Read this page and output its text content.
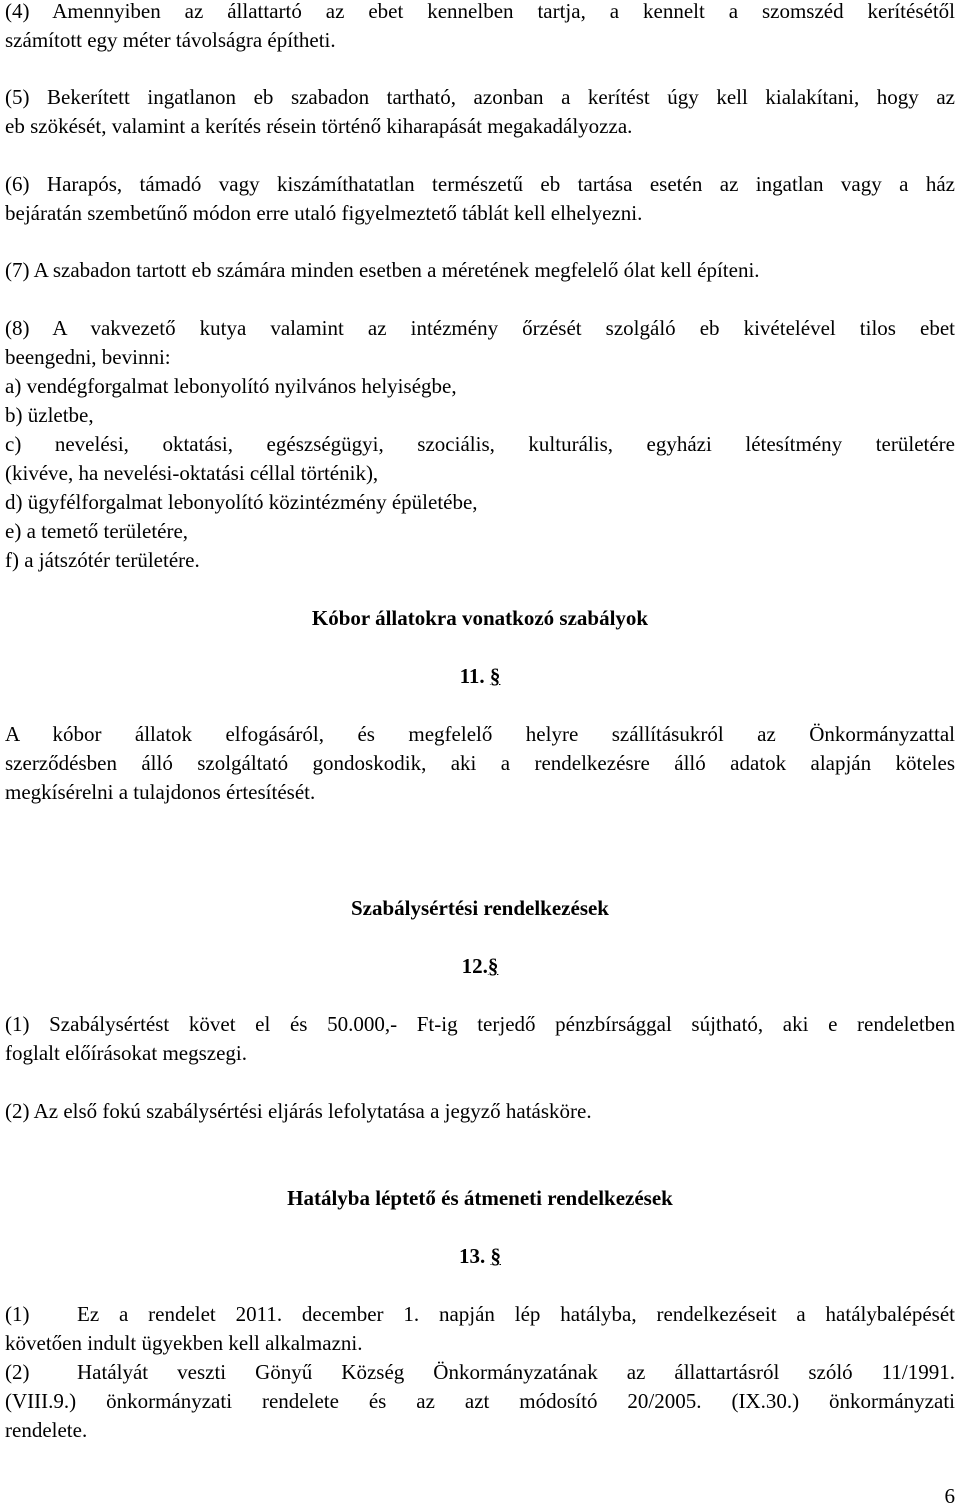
(4) Amennyiben az állattartó az ebet kennelben tartja, a kennelt a szomszéd kerítésétől
számított egy méter távolságra építheti.
(5) Bekerített ingatlanon eb szabadon tartható, azonban a kerítést úgy kell kialakítani, hogy az
eb szökését, valamint a kerítés résein történő kiharapását megakadályozza.
(6) Harapós, támadó vagy kiszámíthatatlan természetű eb tartása esetén az ingatlan vagy a ház
bejáratán szembetűnő módon erre utaló figyelmeztető táblát kell elhelyezni.
(7) A szabadon tartott eb számára minden esetben a méretének megfelelő ólat kell építeni.
(8) A vakvezető kutya valamint az intézmény őrzését szolgáló eb kivételével tilos ebet
beengedni, bevinni:
a) vendégforgalmat lebonyolító nyilvános helyiségbe,
b) üzletbe,
c) nevelési, oktatási, egészségügyi, szociális, kulturális, egyházi létesítmény területére
(kivéve, ha nevelési-oktatási céllal történik),
d) ügyfélforgalmat lebonyolító közintézmény épületébe,
e) a temető területére,
f) a játszótér területére.
Kóbor állatokra vonatkozó szabályok
11. §
A kóbor állatok elfogásáról, és megfelelő helyre szállításukról az Önkormányzattal
szerződésben álló szolgáltató gondoskodik, aki a rendelkezésre álló adatok alapján köteles
megkísérelni a tulajdonos értesítését.
Szabálysértési rendelkezések
12.§
(1) Szabálysértést követ el és 50.000,- Ft-ig terjedő pénzbírsággal sújtható, aki e rendeletben
foglalt előírásokat megszegi.
(2) Az első fokú szabálysértési eljárás lefolytatása a jegyző hatásköre.
Hatályba léptető és átmeneti rendelkezések
13. §
(1)	Ez a rendelet 2011. december 1. napján lép hatályba, rendelkezéseit a hatálybalépését
követően indult ügyekben kell alkalmazni.
(2)	Hatályát veszti Gönyű Község Önkormányzatának az állattartásról szóló 11/1991.
(VIII.9.) önkormányzati rendelete és az azt módosító 20/2005. (IX.30.) önkormányzati
rendelete.
6
